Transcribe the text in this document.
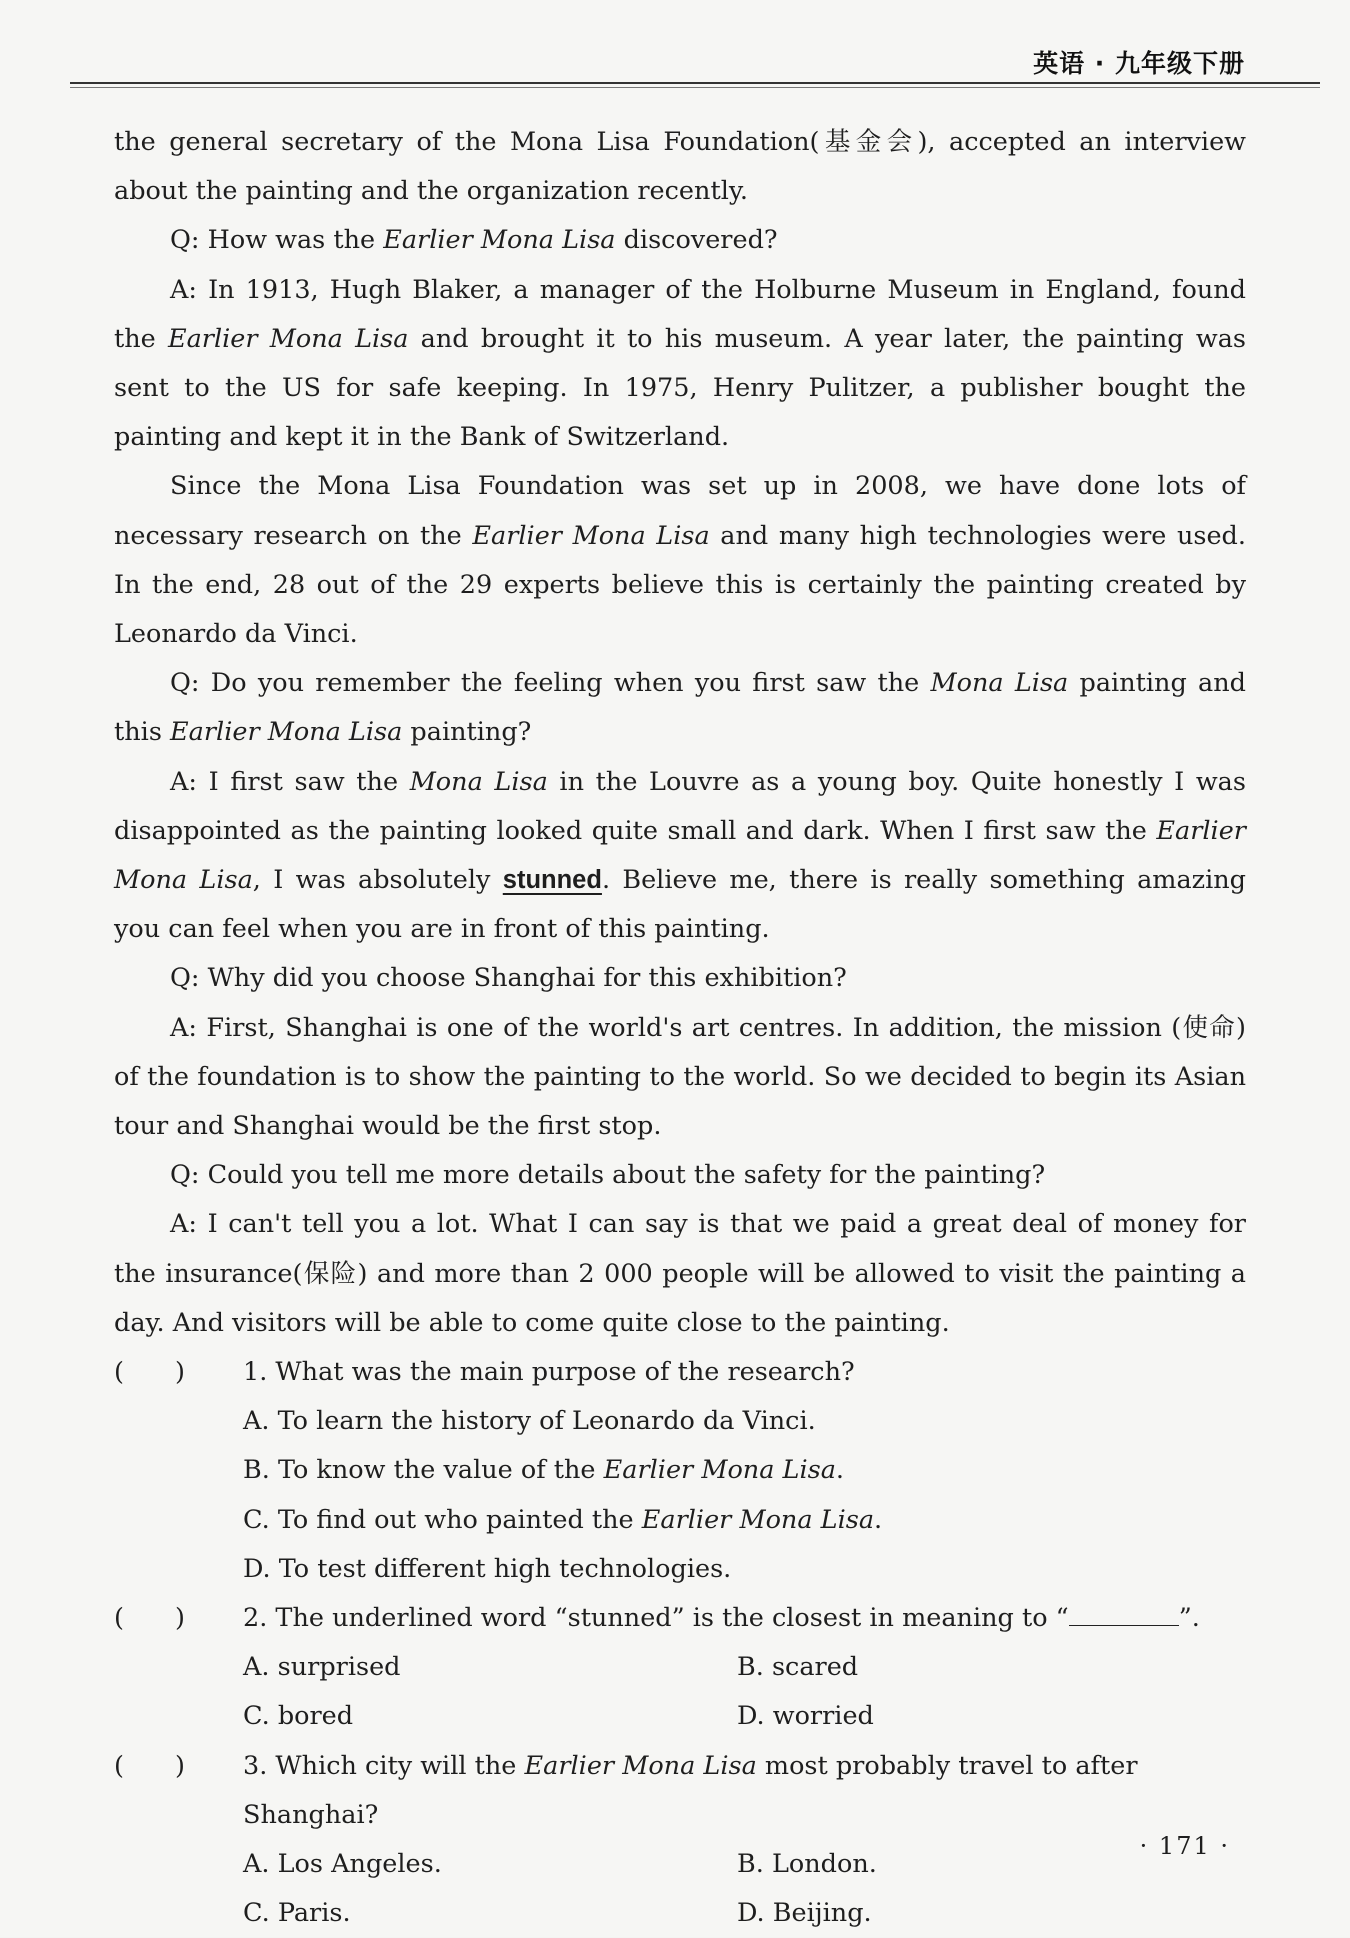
英语 · 九年级下册

the general secretary of the Mona Lisa Foundation(基金会), accepted an interview about the painting and the organization recently.

Q: How was the Earlier Mona Lisa discovered?

A: In 1913, Hugh Blaker, a manager of the Holburne Museum in England, found the Earlier Mona Lisa and brought it to his museum. A year later, the painting was sent to the US for safe keeping. In 1975, Henry Pulitzer, a publisher bought the painting and kept it in the Bank of Switzerland.

Since the Mona Lisa Foundation was set up in 2008, we have done lots of necessary research on the Earlier Mona Lisa and many high technologies were used. In the end, 28 out of the 29 experts believe this is certainly the painting created by Leonardo da Vinci.

Q: Do you remember the feeling when you first saw the Mona Lisa painting and this Earlier Mona Lisa painting?

A: I first saw the Mona Lisa in the Louvre as a young boy. Quite honestly I was disappointed as the painting looked quite small and dark. When I first saw the Earlier Mona Lisa, I was absolutely stunned. Believe me, there is really something amazing you can feel when you are in front of this painting.

Q: Why did you choose Shanghai for this exhibition?

A: First, Shanghai is one of the world's art centres. In addition, the mission (使命) of the foundation is to show the painting to the world. So we decided to begin its Asian tour and Shanghai would be the first stop.

Q: Could you tell me more details about the safety for the painting?

A: I can't tell you a lot. What I can say is that we paid a great deal of money for the insurance(保险) and more than 2 000 people will be allowed to visit the painting a day. And visitors will be able to come quite close to the painting.

(　　)	1. What was the main purpose of the research?
A. To learn the history of Leonardo da Vinci.
B. To know the value of the Earlier Mona Lisa.
C. To find out who painted the Earlier Mona Lisa.
D. To test different high technologies.
(　　)	2. The underlined word “stunned” is the closest in meaning to “	”.
A. surprised	B. scared
C. bored	D. worried
(　　)	3. Which city will the Earlier Mona Lisa most probably travel to after Shanghai?
A. Los Angeles.	B. London.
C. Paris.	D. Beijing.
· 171 ·
